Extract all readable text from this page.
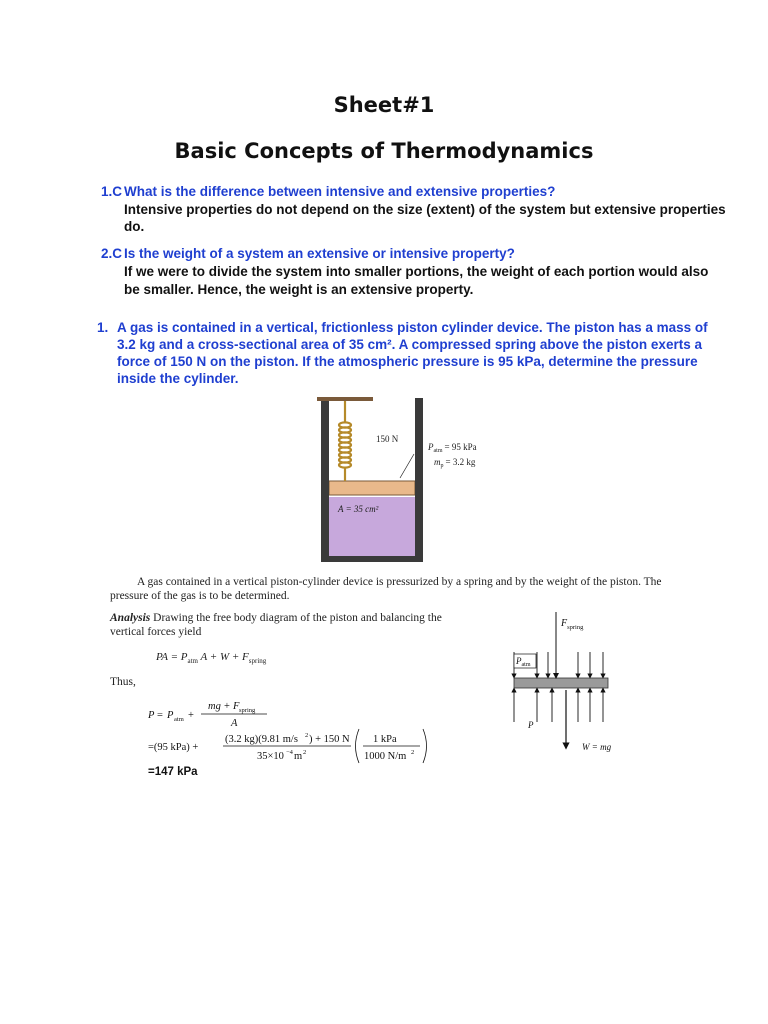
Sheet#1
Basic Concepts of Thermodynamics
1.C What is the difference between intensive and extensive properties?
Intensive properties do not depend on the size (extent) of the system but extensive properties
do.
2.C Is the weight of a system an extensive or intensive property?
If we were to divide the system into smaller portions, the weight of each portion would also
be smaller. Hence, the weight is an extensive property.
1. A gas is contained in a vertical, frictionless piston cylinder device. The piston has a mass of
3.2 kg and a cross-sectional area of 35 cm². A compressed spring above the piston exerts a
force of 150 N on the piston. If the atmospheric pressure is 95 kPa, determine the pressure
inside the cylinder.
150 N
$P_{atm} = 95$ kPa
$m_p = 3.2$ kg
A = 35 cm²
A gas contained in a vertical piston-cylinder device is pressurized by a spring and by the weight of the piston. The
pressure of the gas is to be determined.
Analysis Drawing the free body diagram of the piston and balancing the
vertical forces yield
PA = $P_{atm}$ $A + W + F_{spring}$
Thus,
P = P atm +
mg + F spring
A
=(95 kPa) +
(3.2 kg)(9.81 m/s 2 ) + 150 N
35×10 −4 m 2
1 kPa
1000 N/m 2
=147 kPa
$F_{spring}$
$P_{atm}$
P
W = mg
